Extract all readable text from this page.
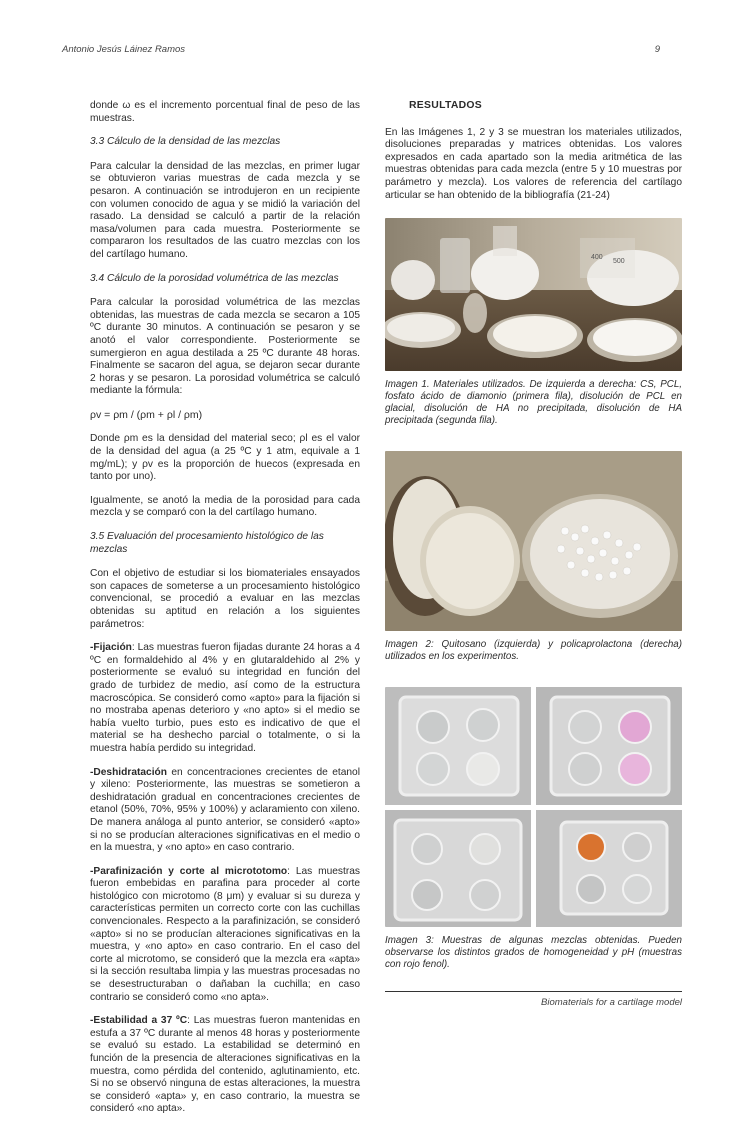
Antonio Jesús Láinez Ramos	9

donde ω es el incremento porcentual final de peso de las muestras.

3.3 Cálculo de la densidad de las mezclas

Para calcular la densidad de las mezclas, en primer lugar se obtuvieron varias muestras de cada mezcla y se pesaron. A continuación se introdujeron en un recipiente con volumen conocido de agua y se midió la variación del rasado. La densidad se calculó a partir de la relación masa/volumen para cada muestra. Posteriormente se compararon los resultados de las cuatro mezclas con los del cartílago humano.

3.4 Cálculo de la porosidad volumétrica de las mezclas

Para calcular la porosidad volumétrica de las mezclas obtenidas, las muestras de cada mezcla se secaron a 105 ºC durante 30 minutos. A continuación se pesaron y se anotó el valor correspondiente. Posteriormente se sumergieron en agua destilada a 25 ºC durante 48 horas. Finalmente se sacaron del agua, se dejaron secar durante 2 horas y se pesaron. La porosidad volumétrica se calculó mediante la fórmula:

ρv = ρm / (ρm + ρl / ρm)

Donde ρm es la densidad del material seco; ρl es el valor de la densidad del agua (a 25 ºC y 1 atm, equivale a 1 mg/mL); y ρv es la proporción de huecos (expresada en tanto por uno).

Igualmente, se anotó la media de la porosidad para cada mezcla y se comparó con la del cartílago humano.

3.5 Evaluación del procesamiento histológico de las mezclas

Con el objetivo de estudiar si los biomateriales ensayados son capaces de someterse a un procesamiento histológico convencional, se procedió a evaluar en las mezclas obtenidas su aptitud en relación a los siguientes parámetros:

-Fijación: Las muestras fueron fijadas durante 24 horas a 4 ºC en formaldehido al 4% y en glutaraldehido al 2% y posteriormente se evaluó su integridad en función del grado de turbidez de medio, así como de la estructura macroscópica. Se consideró como «apto» para la fijación si no mostraba apenas deterioro y «no apto» si el medio se había vuelto turbio, pues esto es indicativo de que el material se ha deshecho parcial o totalmente, o si la muestra había perdido su integridad.

-Deshidratación en concentraciones crecientes de etanol y xileno: Posteriormente, las muestras se sometieron a deshidratación gradual en concentraciones crecientes de etanol (50%, 70%, 95% y 100%) y aclaramiento con xileno. De manera análoga al punto anterior, se consideró «apto» si no se producían alteraciones significativas en el medio o en la muestra, y «no apto» en caso contrario.

-Parafinización y corte al micrototomo: Las muestras fueron embebidas en parafina para proceder al corte histológico con microtomo (8 μm) y evaluar si su dureza y características permiten un correcto corte con las cuchillas convencionales. Respecto a la parafinización, se consideró «apto» si no se producían alteraciones significativas en la muestra, y «no apto» en caso contrario. En el caso del corte al microtomo, se consideró que la mezcla era «apta» si la sección resultaba limpia y las muestras procesadas no se desestructuraban o dañaban la cuchilla; en caso contrario se consideró como «no apta».

-Estabilidad a 37 ºC: Las muestras fueron mantenidas en estufa a 37 ºC durante al menos 48 horas y posteriormente se evaluó su estado. La estabilidad se determinó en función de la presencia de alteraciones significativas en la muestra, como pérdida del contenido, aglutinamiento, etc. Si no se observó ninguna de estas alteraciones, la muestra se consideró «apta» y, en caso contrario, la muestra se consideró «no apta».

RESULTADOS

En las Imágenes 1, 2 y 3 se muestran los materiales utilizados, disoluciones preparadas y matrices obtenidas. Los valores expresados en cada apartado son la media aritmética de las muestras obtenidas para cada mezcla (entre 5 y 10 muestras por parámetro y mezcla). Los valores de referencia del cartílago articular se han obtenido de la bibliografía (21-24)

400
500
Imagen 1. Materiales utilizados. De izquierda a derecha: CS, PCL, fosfato ácido de diamonio (primera fila), disolución de PCL en glacial, disolución de HA no precipitada, disolución de HA precipitada (segunda fila).
Imagen 2: Quitosano (izquierda) y policaprolactona (derecha) utilizados en los experimentos.
Imagen 3: Muestras de algunas mezclas obtenidas. Pueden observarse los distintos grados de homogeneidad y pH (muestras con rojo fenol).
Biomaterials for a cartilage model
